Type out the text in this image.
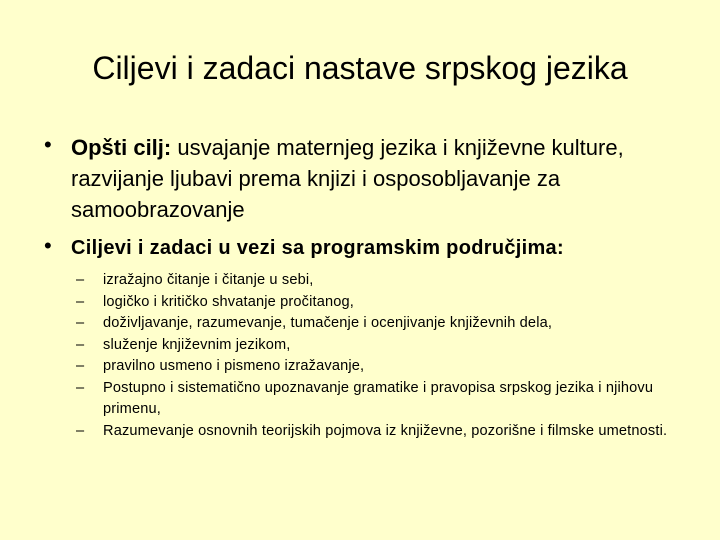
Ciljevi i zadaci nastave srpskog jezika
• Opšti cilj: usvajanje maternjeg jezika i književne kulture, razvijanje ljubavi prema knjizi i osposobljavanje za samoobrazovanje
• Ciljevi i zadaci u vezi sa programskim područjima:
– izražajno čitanje i čitanje u sebi,
– logičko i kritičko shvatanje pročitanog,
– doživljavanje, razumevanje, tumačenje i ocenjivanje književnih dela,
– služenje književnim jezikom,
– pravilno usmeno i pismeno izražavanje,
– Postupno i sistematično upoznavanje gramatike i pravopisa srpskog jezika i njihovu primenu,
– Razumevanje osnovnih teorijskih pojmova iz književne, pozorišne i filmske umetnosti.
